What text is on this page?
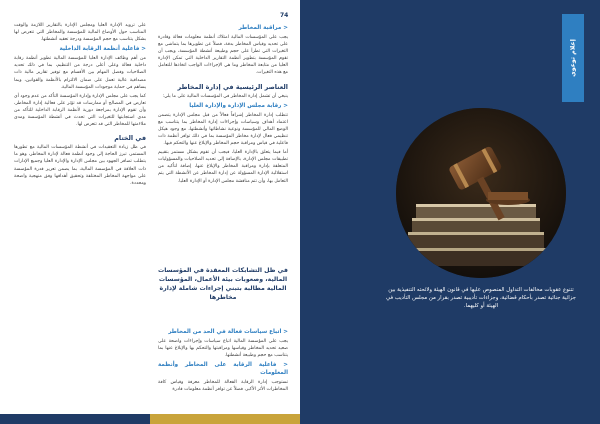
74
< مراقبة المخاطر
يجب على المؤسسات المالية امتلاك أنظمة معلومات فعالة وقادرة على تحديد وقياس المخاطر بدقة، فضلاً عن تطويرها بما يتماشى مع التغيرات التي تطرأ على حجم وطبيعة أنشطة المؤسسة، ويجب أن تقوم المؤسسة بتطوير أنظمة التقارير الداخلية التي تمكن الإدارة العليا من متابعة المخاطر وما هي الإجراءات الواجب اتخاذها للتعامل مع هذه التغيرات.
العناصر الرئيسية في إدارة المخاطر
ينبغي أن تشمل إدارة المخاطر في المؤسسات المالية على ما يلي:
< رقابة مجلس الإدارة والإدارة العليا
تتطلب إدارة المخاطر إشرافاً فعالاً من قبل مجلس الإدارة يتضمن اعتماد أهداف وسياسات وإجراءات إدارة المخاطر بما يتناسب مع الوضع المالي للمؤسسة ونوعية نشاطاتها وأنشطتها، مع وجود هيكل تنظيمي فعال لإدارة مخاطر المؤسسة بما في ذلك توافر أنظمة ذات فاعلية في قياس ومراقبة حجم المخاطر والإبلاغ عنها والتحكم فيها.
أما فيما يتعلق بالإدارة العليا، فيجب أن تقوم بشكل مستمر بتقييم تطبيقات مجلس الإدارة، بالإضافة إلى تحديد الصلاحيات والمسؤوليات المتعلقة بإدارة ومراقبة المخاطر والإبلاغ عنها، إضافة لتأكيد من استقلالية الإدارة المسؤولة عن إدارة المخاطر عن الأنشطة التي يتم التعامل بها، وأن تتم مناقشة مجلس الإدارة أو الإدارة العليا.
على تزويد الإدارة العليا ومجلس الإدارة بالتقارير اللازمة والوقت المناسب حول الأوضاع المالية للمؤسسة والمخاطر التي تتعرض لها بشكل يتناسب مع حجم المؤسسة ودرجة تعقيد أنشطتها.
< فاعلية أنظمة الرقابة الداخلية
من أهم وظائف الإدارة العليا للمؤسسة المالية تطوير أنظمة رقابة داخلية فعالة وعلى أعلى درجة من التنظيم، بما في ذلك تحديد الصلاحيات وفصل المهام بين الأقسام مع توفير تقارير مالية ذات مصداقية عالية تعمل على ضمان الالتزام بالأنظمة والقوانين، وبما يساهم في حماية موجودات المؤسسة المالية.
كما يجب على مجلس الإدارة وإدارة المؤسسة التأكد من عدم وجود أي تعارض في المصالح أو ممارسات قد تؤثر على فعالية إدارة المخاطر، وأن تقوم الإدارة بمراجعة دورية لأنظمة الرقابة الداخلية للتأكد من مدى استجابتها للتغيرات التي تحدث في أنشطة المؤسسة ومدى ملاءمتها للمخاطر التي قد تتعرض لها.
في الختام
في ظل زيادة التعقيدات في أنشطة المؤسسات المالية مع تطورها المستمر، تبرز الحاجة إلى وجود أنظمة فعالة لإدارة المخاطر، وهو ما يتطلب تضافر الجهود بين مجلس الإدارة والإدارة العليا وجميع الإدارات ذات العلاقة في المؤسسة المالية، بما يضمن تعزيز قدرة المؤسسة على مواجهة المخاطر المختلفة وتحقيق أهدافها وفق منهجية واضحة ومحددة.
في ظل التشابكات المعقدة في المؤسسات المالية، وصعوبات بيئة الأعمال، المؤسسات المالية مطالبة بتبني إجراءات شاملة لإدارة مخاطرها
< اتباع سياسات فعالة في الحد من المخاطر
يجب على المؤسسة المالية اتباع سياسات وإجراءات واضحة على صعيد تحديد المخاطر وقياسها ومراقبتها والتحكم بها والإبلاغ عنها بما يتناسب مع حجم وطبيعة أنشطتها.
< فاعلية الرقابة على المخاطر وأنظمة المعلومات
تستوجب إدارة الرقابة الفعالة للمخاطر معرفة وقياس كافة المخاطرات الأثر الأكبر، فضلاً عن توافر أنظمة معلومات قادرة
إعلام توعوي
تتنوع عقوبات مخالفات التداول المنصوص عليها في قانون الهيئة ولائحته التنفيذية بين جزائية جنائية تصدر بأحكام قضائية، وجزاءات تأديبية تصدر بقرار من مجلس التأديب في الهيئة أو كليهما.
